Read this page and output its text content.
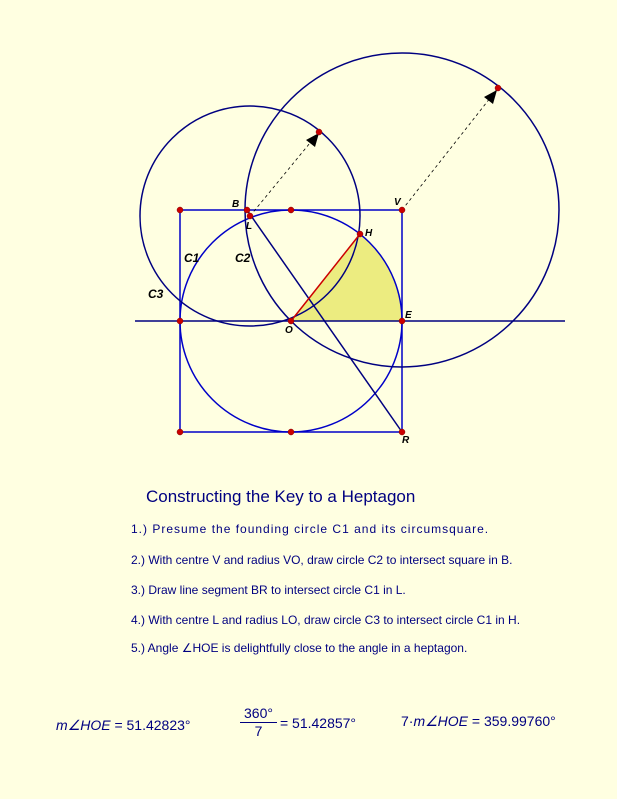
B	V
L
H
O
E
R
C1	C2
C3
Constructing the Key to a Heptagon
1.) Presume the founding circle C1 and its circumsquare.
2.) With centre V and radius VO, draw circle C2 to intersect square in B.
3.) Draw line segment BR to intersect circle C1 in L.
4.) With centre L and radius LO, draw circle C3 to intersect circle C1 in H.
5.) Angle ∠HOE is delightfully close to the angle in a heptagon.
m∠HOE = 51.42823°	$\frac{360^\circ}{7} = 51.42857^\circ$	7·m∠HOE = 359.99760°
